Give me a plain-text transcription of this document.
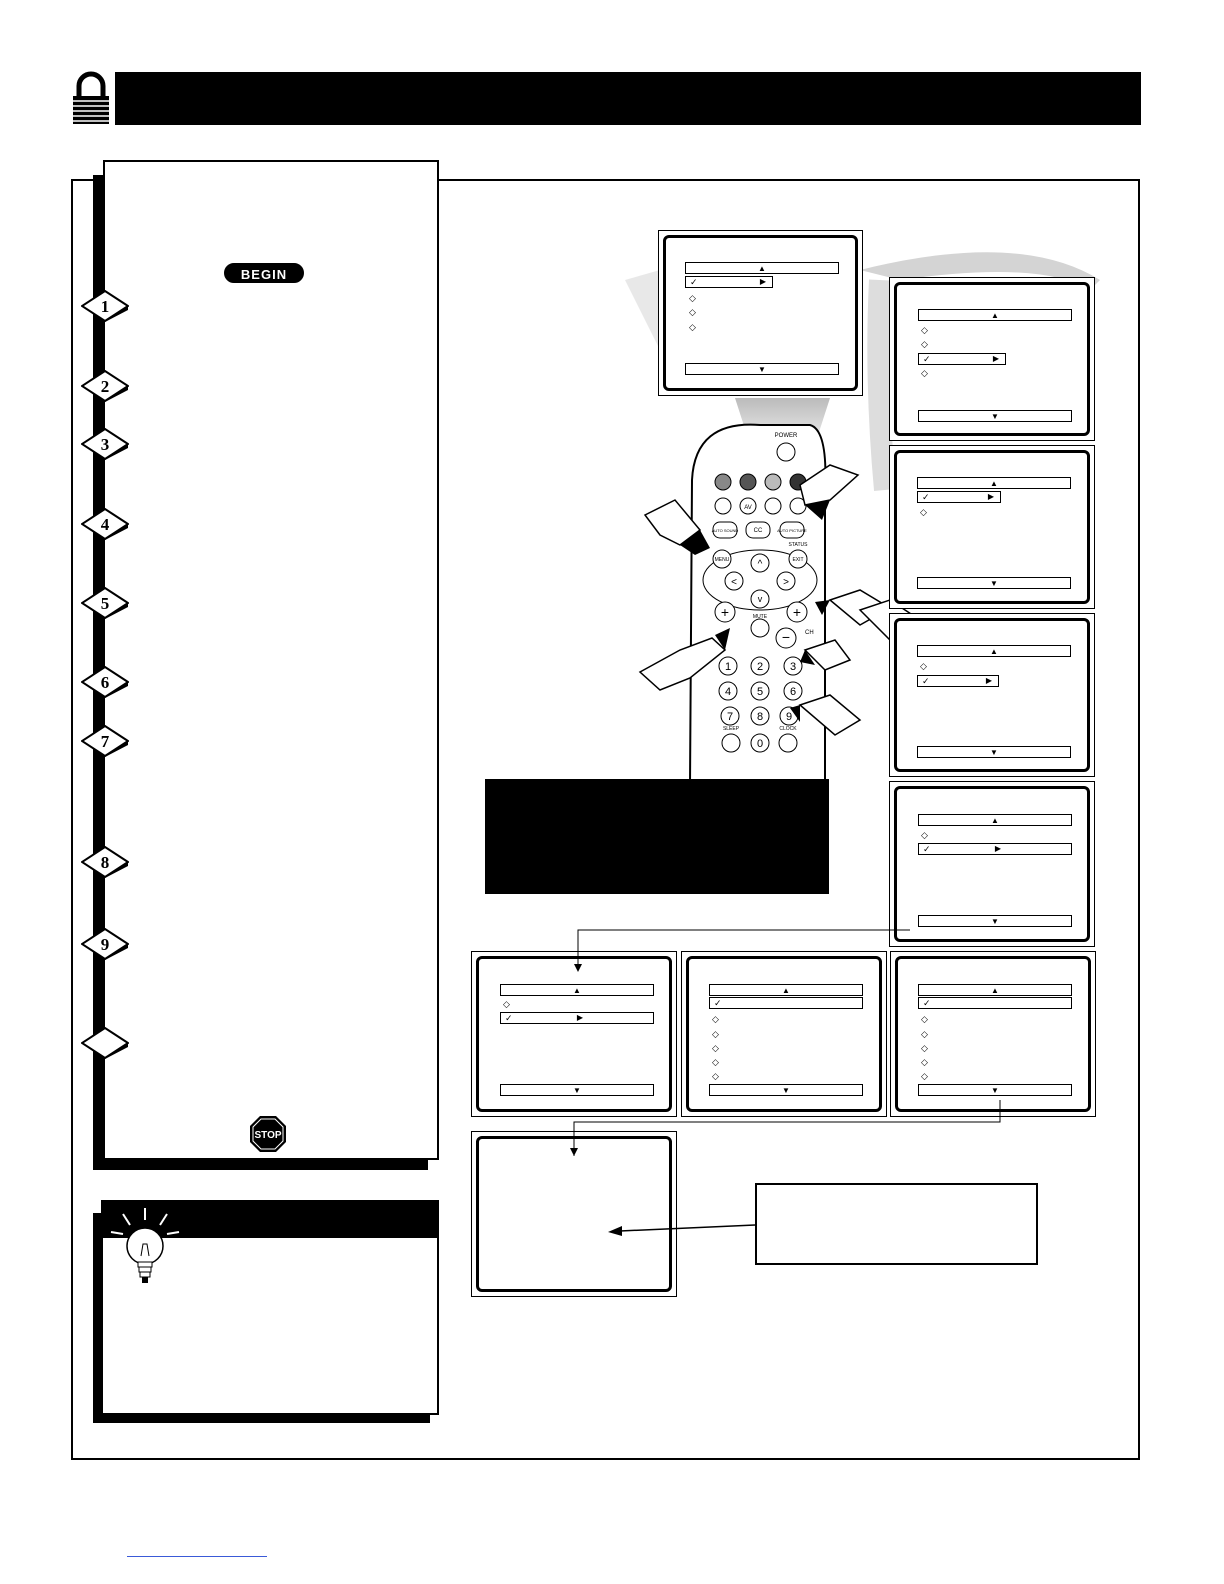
BEGIN
1
2
3
4
5
6
7
8
9
STOP
POWER
AV
AUTO SOUND	CC	AUTO PICTURE
MENU	EXIT
STATUS
^
<	>
v
+	+
MUTE
− CH
1 2 3
4 5 6
7 8 9
0
SLEEP	CLOCK
▲
✓	▶
◇
◇
◇
▼
▲
◇
◇
✓	▶
◇
▼
▲
✓	▶
◇
▼
▲
◇
✓	▶
▼
▲
◇
✓	▶
▼
▲
◇
✓	▶
▼
▲
✓
◇
◇
◇
◇
◇
▼
▲
✓
◇
◇
◇
◇
◇
▼
